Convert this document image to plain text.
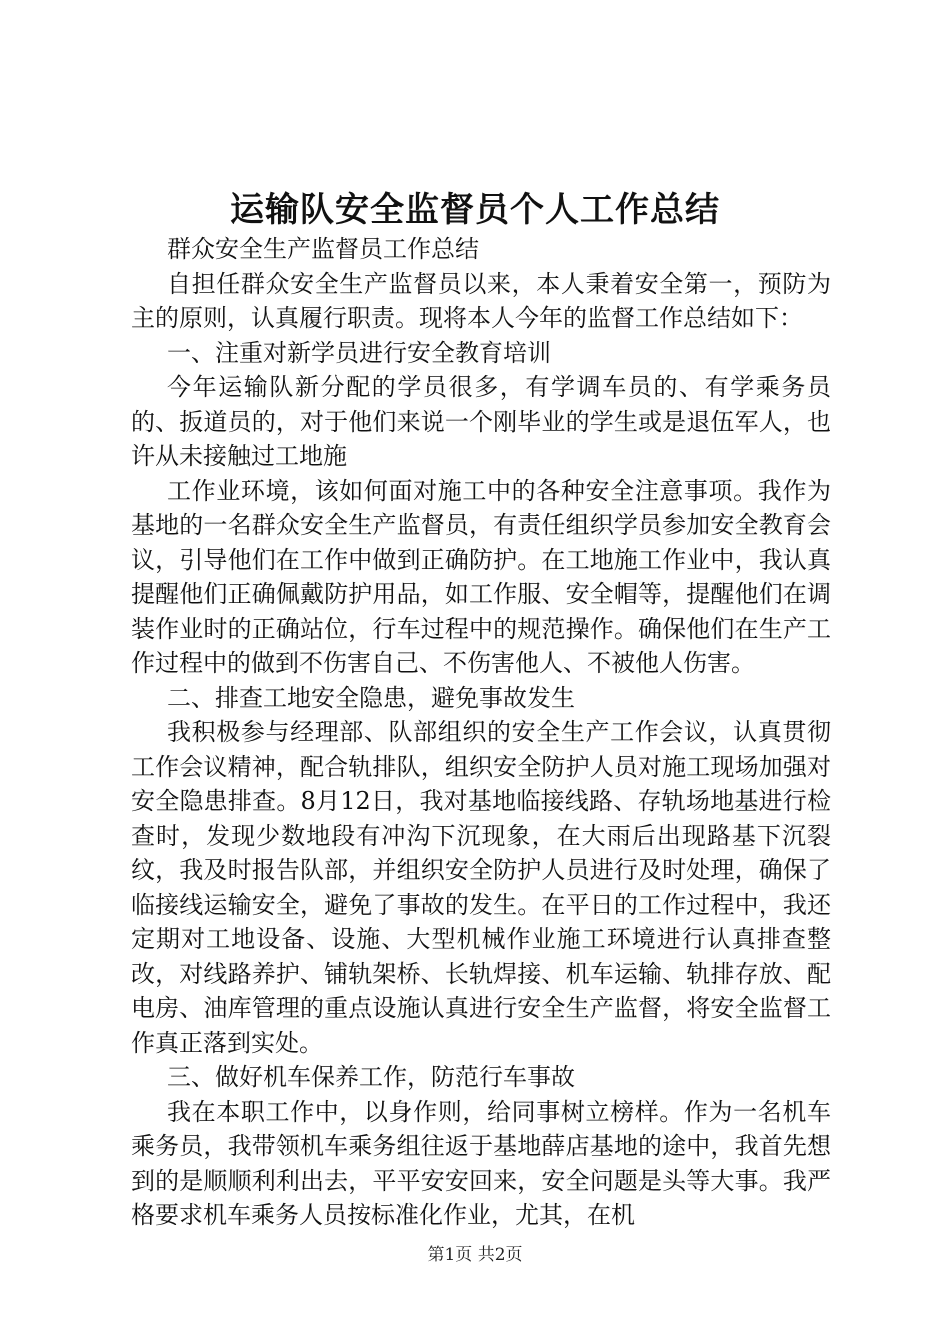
运输队安全监督员个人工作总结

群众安全生产监督员工作总结

自担任群众安全生产监督员以来，本人秉着安全第一，预防为主的原则，认真履行职责。现将本人今年的监督工作总结如下：

一、注重对新学员进行安全教育培训

今年运输队新分配的学员很多，有学调车员的、有学乘务员的、扳道员的，对于他们来说一个刚毕业的学生或是退伍军人，也许从未接触过工地施

工作业环境，该如何面对施工中的各种安全注意事项。我作为基地的一名群众安全生产监督员，有责任组织学员参加安全教育会议，引导他们在工作中做到正确防护。在工地施工作业中，我认真提醒他们正确佩戴防护用品，如工作服、安全帽等，提醒他们在调装作业时的正确站位，行车过程中的规范操作。确保他们在生产工作过程中的做到不伤害自己、不伤害他人、不被他人伤害。

二、排查工地安全隐患，避免事故发生

我积极参与经理部、队部组织的安全生产工作会议，认真贯彻工作会议精神，配合轨排队，组织安全防护人员对施工现场加强对安全隐患排查。8月12日，我对基地临接线路、存轨场地基进行检查时，发现少数地段有冲沟下沉现象，在大雨后出现路基下沉裂纹，我及时报告队部，并组织安全防护人员进行及时处理，确保了临接线运输安全，避免了事故的发生。在平日的工作过程中，我还定期对工地设备、设施、大型机械作业施工环境进行认真排查整改，对线路养护、铺轨架桥、长轨焊接、机车运输、轨排存放、配电房、油库管理的重点设施认真进行安全生产监督，将安全监督工作真正落到实处。

三、做好机车保养工作，防范行车事故

我在本职工作中，以身作则，给同事树立榜样。作为一名机车乘务员，我带领机车乘务组往返于基地薛店基地的途中，我首先想到的是顺顺利利出去，平平安安回来，安全问题是头等大事。我严格要求机车乘务人员按标准化作业，尤其，在机

第1页 共2页
